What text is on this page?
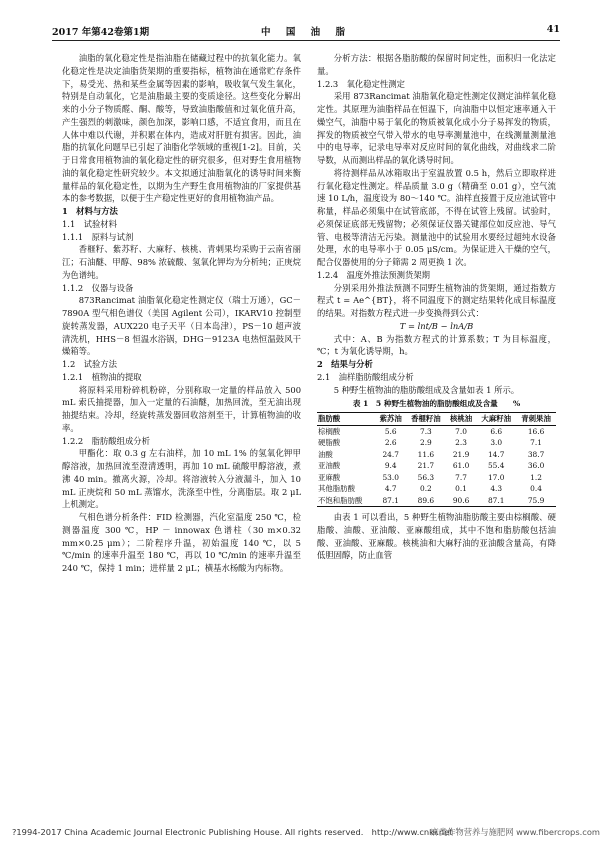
2017 年第42卷第1期	中 国 油 脂	41

油脂的氧化稳定性是指油脂在储藏过程中的抗氧化能力。氧化稳定性是决定油脂货架期的重要指标，植物油在通常贮存条件下，易受光、热和某些金属等因素的影响，吸收氧气发生氧化，特别是自动氧化，它是油脂最主要的变质途径。这些变化分解出来的小分子物质醛、酮、酸等，导致油脂酸值和过氧化值升高，产生强烈的刺激味，颜色加深，影响口感，不适宜食用，而且在人体中难以代谢，并积累在体内，造成对肝脏有损害。因此，油脂的抗氧化问题早已引起了油脂化学领域的重视[1-2]。目前，关于日常食用植物油的氧化稳定性的研究很多，但对野生食用植物油的氧化稳定性研究较少。本文拟通过油脂氧化的诱导时间来衡量样品的氧化稳定性，以期为生产野生食用植物油的厂家提供基本的参考数据，以便于生产稳定性更好的食用植物油产品。

1　材料与方法

1.1　试验材料

1.1.1　原料与试剂

香榧籽、紫苏籽、大麻籽、核桃、青刺果均采购于云南省丽江；石油醚、甲醇、98% 浓硫酸、氢氧化钾均为分析纯；正庚烷为色谱纯。

1.1.2　仪器与设备

873Rancimat 油脂氧化稳定性测定仪（瑞士万通），GC－7890A 型气相色谱仪（美国 Agilent 公司），IKARV10 控制型旋转蒸发器，AUX220 电子天平（日本岛津），PS－10 超声波清洗机，HHS－8 恒温水浴锅，DHG－9123A 电热恒温鼓风干燥箱等。

1.2　试验方法

1.2.1　植物油的提取

将原料采用粉碎机粉碎，分别称取一定量的样品放入 500 mL 索氏抽提器，加入一定量的石油醚，加热回流，至无油出现抽提结束。冷却，经旋转蒸发器回收溶剂至干，计算植物油的收率。

1.2.2　脂肪酸组成分析

甲酯化：取 0.3 g 左右油样，加 10 mL 1% 的氢氧化钾甲醇溶液，加热回流至澄清透明，再加 10 mL 硫酸甲醇溶液，煮沸 40 min。撤离火源，冷却。将溶液转入分液漏斗，加入 10 mL 正庚烷和 50 mL 蒸馏水，洗涤至中性，分离脂层。取 2 μL 上机测定。

气相色谱分析条件：FID 检测器，汽化室温度 250 ℃，检测器温度 300 ℃，HP － innowax 色谱柱（30 m×0.32 mm×0.25 μm）；二阶程序升温，初始温度 140 ℃，以 5 ℃/min 的速率升温至 180 ℃，再以 10 ℃/min 的速率升温至 240 ℃，保持 1 min；进样量 2 μL；横基水杨酸为内标物。

分析方法：根据各脂肪酸的保留时间定性，面积归一化法定量。

1.2.3　氧化稳定性测定

采用 873Rancimat 油脂氧化稳定性测定仪测定油样氧化稳定性。其原理为油脂样品在恒温下，向油脂中以恒定速率通入干燥空气，油脂中易于氧化的物质被氧化成小分子易挥发的物质，挥发的物质被空气带入带水的电导率测量池中，在线测量测量池中的电导率，记录电导率对反应时间的氧化曲线，对曲线求二阶导数，从而测出样品的氧化诱导时间。

将待测样品从冰箱取出于室温放置 0.5 h，然后立即取样进行氧化稳定性测定。样品质量 3.0 g（精确至 0.01 g），空气流速 10 L/h，温度设为 80～140 ℃。油样直接置于反应池试管中称量，样品必须集中在试管底部，不得在试管上残留。试验时，必须保证底部无残留物；必须保证仪器关键部位如反应池、导气管、电极等清洁无污染。测量池中的试验用水要经过超纯水设备处理，水的电导率小于 0.05 μS/cm。为保证进入干燥的空气，配合仪器使用的分子筛需 2 周更换 1 次。

1.2.4　温度外推法预测货架期

分别采用外推法预测不同野生植物油的货架期，通过指数方程式 t = Ae^{BT}，将不同温度下的测定结果转化成目标温度的结果。对指数方程式进一步变换得到公式：

T = lnt/B − lnA/B

式中：A、B 为指数方程式的计算系数；T 为目标温度，℃；t 为氧化诱导期，h。

2　结果与分析

2.1　油样脂肪酸组成分析

5 种野生植物油的脂肪酸组成及含量如表 1 所示。

表 1　5 种野生植物油的脂肪酸组成及含量　　%

脂肪酸	紫苏油	香榧籽油	核桃油	大麻籽油	青刺果油
棕榈酸	5.6	7.3	7.0	6.6	16.6
硬脂酸	2.6	2.9	2.3	3.0	7.1
油酸	24.7	11.6	21.9	14.7	38.7
亚油酸	9.4	21.7	61.0	55.4	36.0
亚麻酸	53.0	56.3	7.7	17.0	1.2
其他脂肪酸	4.7	0.2	0.1	4.3	0.4
不饱和脂肪酸	87.1	89.6	90.6	87.1	75.9

由表 1 可以看出，5 种野生植物油脂肪酸主要由棕榈酸、硬脂酸、油酸、亚油酸、亚麻酸组成，其中不饱和脂肪酸包括油酸、亚油酸、亚麻酸。核桃油和大麻籽油的亚油酸含量高，有降低胆固醇，防止血管

?1994-2017 China Academic Journal Electronic Publishing House. All rights reserved.　http://www.cnki.net
麻类作物营养与施肥网 www.fibercrops.com
